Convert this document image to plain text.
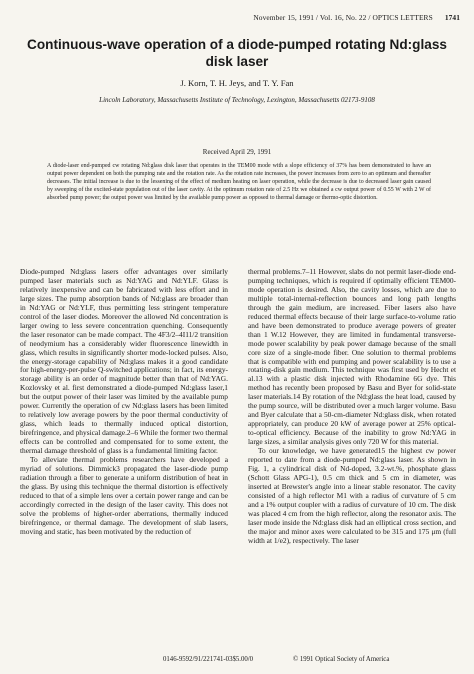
November 15, 1991 / Vol. 16, No. 22 / OPTICS LETTERS 1741
Continuous-wave operation of a diode-pumped rotating Nd:glass disk laser
J. Korn, T. H. Jeys, and T. Y. Fan
Lincoln Laboratory, Massachusetts Institute of Technology, Lexington, Massachusetts 02173-9108
Received April 29, 1991
A diode-laser end-pumped cw rotating Nd:glass disk laser that operates in the TEM00 mode with a slope efficiency of 37% has been demonstrated to have an output power dependent on both the pumping rate and the rotation rate. As the rotation rate increases, the power increases from zero to an optimum and thereafter decreases. The initial increase is due to the lessening of the effect of medium heating on laser operation, while the decrease is due to decreased laser gain caused by sweeping of the excited-state population out of the laser cavity. At the optimum rotation rate of 2.5 Hz we obtained a cw output power of 0.55 W with 2 W of absorbed pump power; the output power was limited by the available pump power as opposed to thermal damage or thermo-optic distortion.

Diode-pumped Nd:glass lasers offer advantages over similarly pumped laser materials such as Nd:YAG and Nd:YLF. Glass is relatively inexpensive and can be fabricated with less effort and in large sizes. The pump absorption bands of Nd:glass are broader than in Nd:YAG or Nd:YLF, thus permitting less stringent temperature control of the laser diodes. Moreover the allowed Nd concentration is larger owing to less severe concentration quenching. Consequently the laser resonator can be made compact. The 4F3/2–4I11/2 transition of neodymium has a considerably wider fluorescence linewidth in glass, which results in significantly shorter mode-locked pulses. Also, the energy-storage capability of Nd:glass makes it a good candidate for high-energy-per-pulse Q-switched applications; in fact, its energy-storage ability is an order of magnitude better than that of Nd:YAG. Kozlovsky et al. first demonstrated a diode-pumped Nd:glass laser,1 but the output power of their laser was limited by the available pump power. Currently the operation of cw Nd:glass lasers has been limited to relatively low average powers by the poor thermal conductivity of glass, which leads to thermally induced optical distortion, birefringence, and physical damage.2–6 While the former two thermal effects can be controlled and compensated for to some extent, the thermal damage threshold of glass is a fundamental limiting factor.

To alleviate thermal problems researchers have developed a myriad of solutions. Dimmick3 propagated the laser-diode pump radiation through a fiber to generate a uniform distribution of heat in the glass. By using this technique the thermal distortion is effectively reduced to that of a simple lens over a certain power range and can be accordingly corrected in the design of the laser cavity. This does not solve the problems of higher-order aberrations, thermally induced birefringence, or thermal damage. The development of slab lasers, moving and static, has been motivated by the reduction of

thermal problems.7–11 However, slabs do not permit laser-diode end-pumping techniques, which is required if optimally efficient TEM00-mode operation is desired. Also, the cavity losses, which are due to multiple total-internal-reflection bounces and long path lengths through the gain medium, are increased. Fiber lasers also have reduced thermal effects because of their large surface-to-volume ratio and have been demonstrated to produce average powers of greater than 1 W.12 However, they are limited in fundamental transverse-mode power scalability by peak power damage because of the small core size of a single-mode fiber. One solution to thermal problems that is compatible with end pumping and power scalability is to use a rotating-disk gain medium. This technique was first used by Hecht et al.13 with a plastic disk injected with Rhodamine 6G dye. This method has recently been proposed by Basu and Byer for solid-state laser materials.14 By rotation of the Nd:glass the heat load, caused by the pump source, will be distributed over a much larger volume. Basu and Byer calculate that a 50-cm-diameter Nd:glass disk, when rotated appropriately, can produce 20 kW of average power at 25% optical-to-optical efficiency. Because of the inability to grow Nd:YAG in large sizes, a similar analysis gives only 720 W for this material.

To our knowledge, we have generated15 the highest cw power reported to date from a diode-pumped Nd:glass laser. As shown in Fig. 1, a cylindrical disk of Nd-doped, 3.2-wt.%, phosphate glass (Schott Glass APG-1), 0.5 cm thick and 5 cm in diameter, was inserted at Brewster's angle into a linear stable resonator. The cavity consisted of a high reflector M1 with a radius of curvature of 5 cm and a 1% output coupler with a radius of curvature of 10 cm. The disk was placed 4 cm from the high reflector, along the resonator axis. The laser mode inside the Nd:glass disk had an elliptical cross section, and the major and minor axes were calculated to be 315 and 175 μm (full width at 1/e2), respectively. The laser

0146-9592/91/221741-03$5.00/0	© 1991 Optical Society of America
